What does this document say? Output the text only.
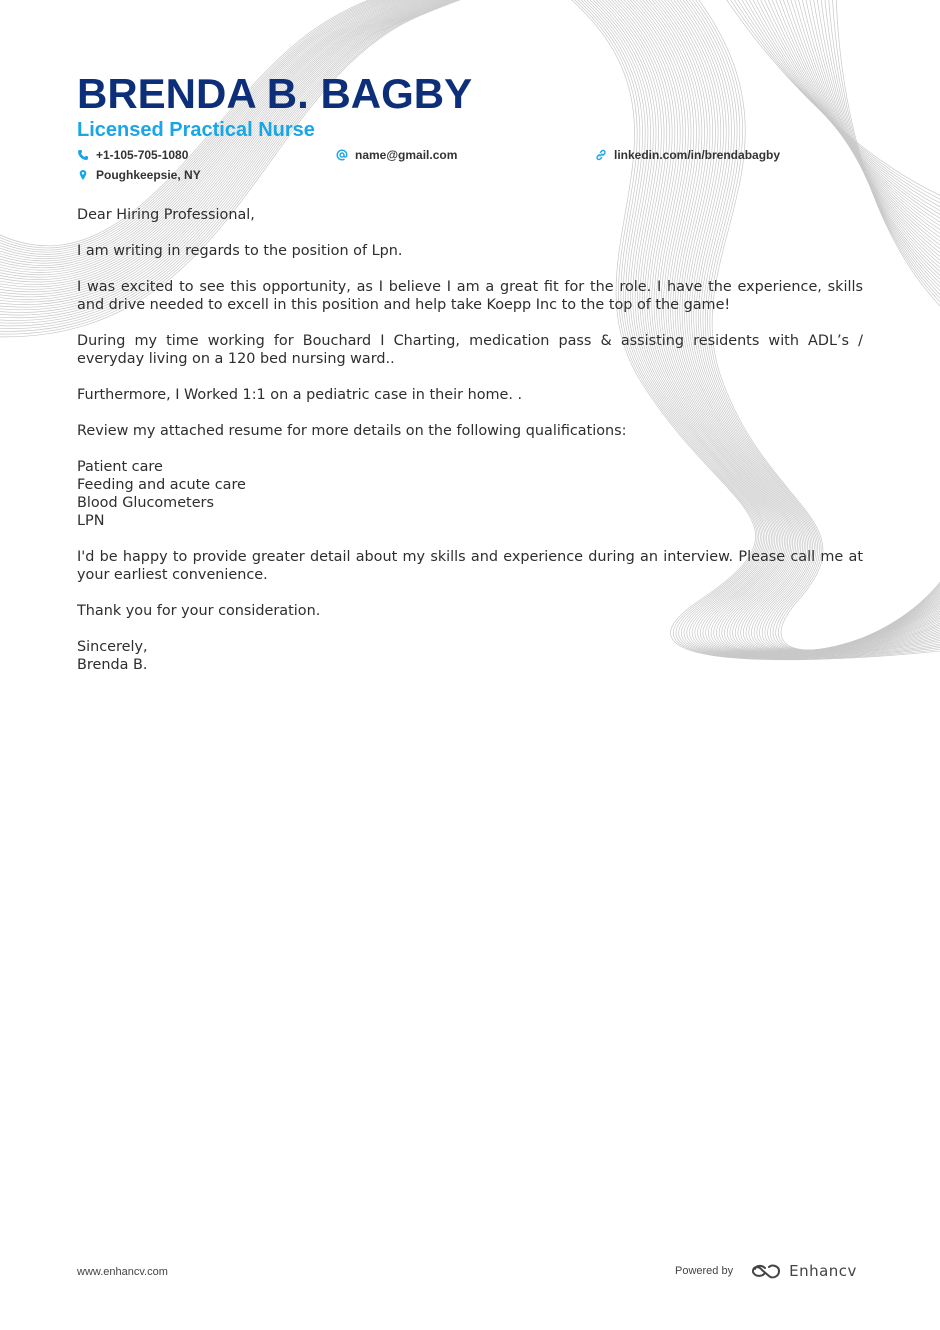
BRENDA B. BAGBY
Licensed Practical Nurse
+1-105-705-1080	name@gmail.com	linkedin.com/in/brendabagby
Poughkeepsie, NY

Dear Hiring Professional,

I am writing in regards to the position of Lpn.

I was excited to see this opportunity, as I believe I am a great fit for the role. I have the experience, skills and drive needed to excell in this position and help take Koepp Inc to the top of the game!

During my time working for Bouchard I Charting, medication pass & assisting residents with ADL’s / everyday living on a 120 bed nursing ward..

Furthermore, I Worked 1:1 on a pediatric case in their home. .

Review my attached resume for more details on the following qualifications:

Patient care
Feeding and acute care
Blood Glucometers
LPN

I'd be happy to provide greater detail about my skills and experience during an interview. Please call me at your earliest convenience.

Thank you for your consideration.

Sincerely,
Brenda B.
www.enhancv.com	Powered by	Enhancv
